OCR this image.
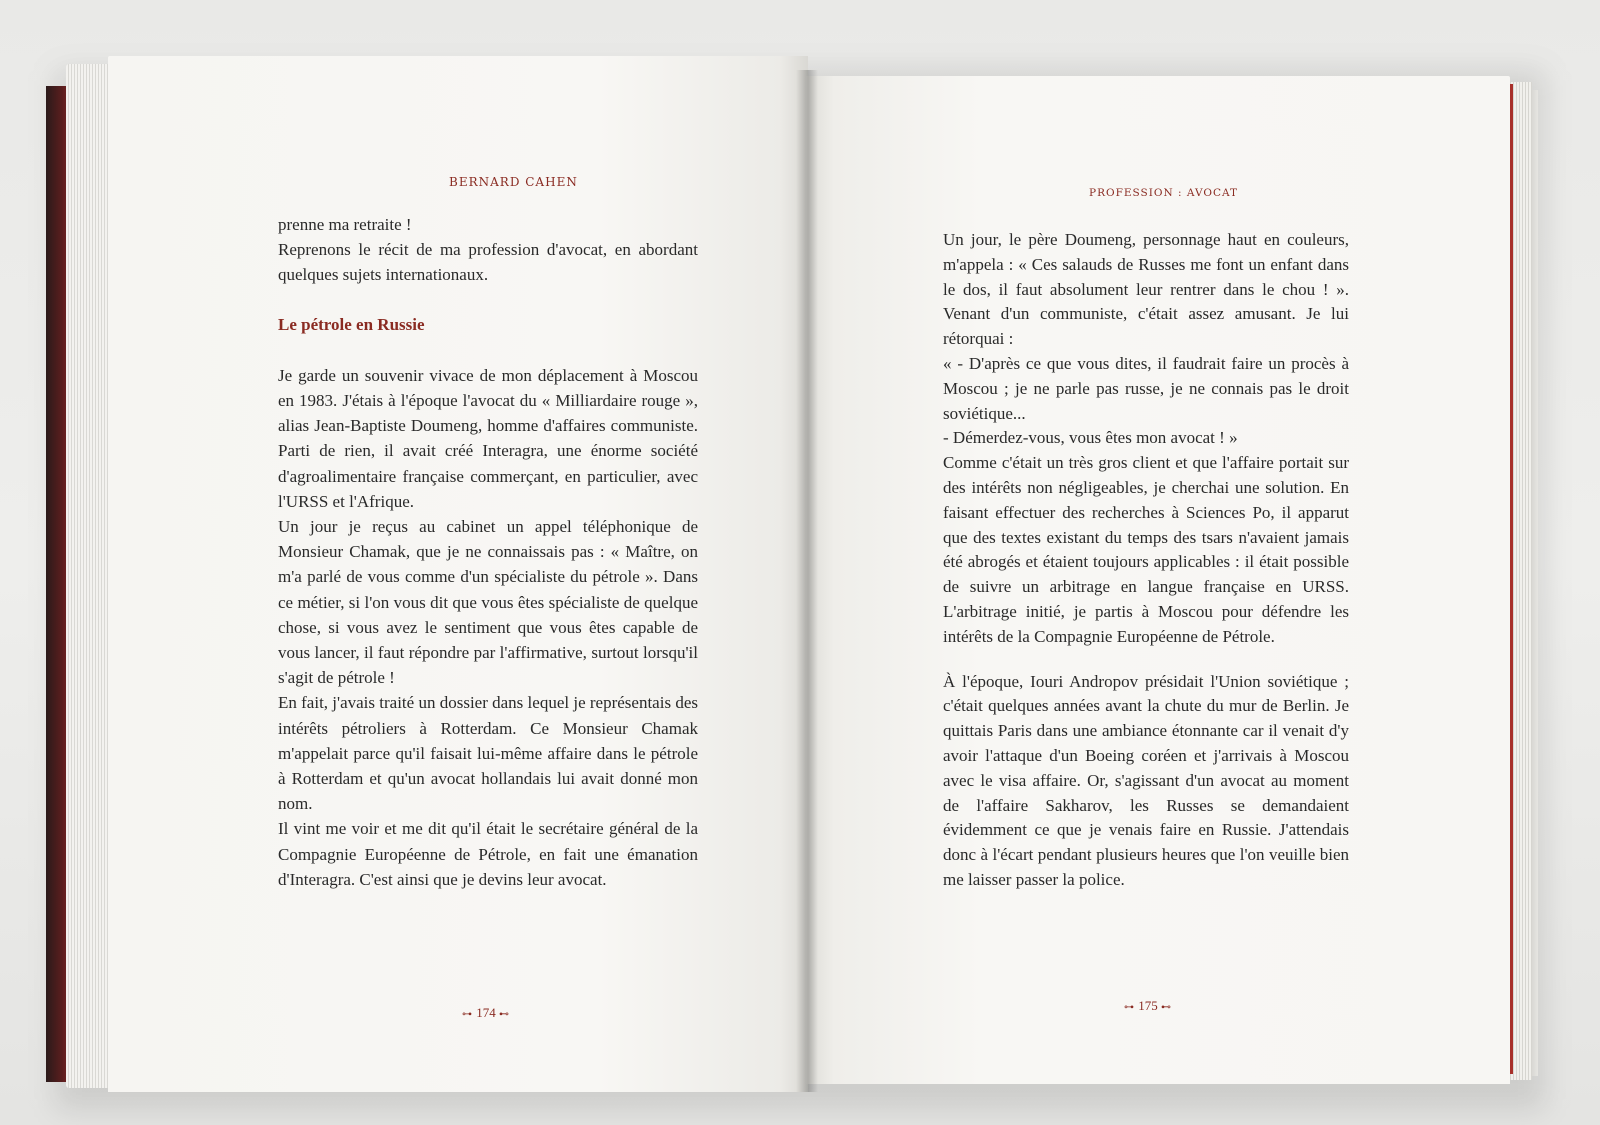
BERNARD CAHEN

prenne ma retraite !

Reprenons le récit de ma profession d'avocat, en abordant quelques sujets internationaux.

Le pétrole en Russie

Je garde un souvenir vivace de mon déplacement à Moscou en 1983. J'étais à l'époque l'avocat du « Milliardaire rouge », alias Jean-Baptiste Doumeng, homme d'affaires communiste. Parti de rien, il avait créé Interagra, une énorme société d'agroalimentaire française commerçant, en particulier, avec l'URSS et l'Afrique.

Un jour je reçus au cabinet un appel téléphonique de Monsieur Chamak, que je ne connaissais pas : « Maître, on m'a parlé de vous comme d'un spécialiste du pétrole ». Dans ce métier, si l'on vous dit que vous êtes spécialiste de quelque chose, si vous avez le sentiment que vous êtes capable de vous lancer, il faut répondre par l'affirmative, surtout lorsqu'il s'agit de pétrole !

En fait, j'avais traité un dossier dans lequel je représentais des intérêts pétroliers à Rotterdam. Ce Monsieur Chamak m'appelait parce qu'il faisait lui-même affaire dans le pétrole à Rotterdam et qu'un avocat hollandais lui avait donné mon nom.

Il vint me voir et me dit qu'il était le secrétaire général de la Compagnie Européenne de Pétrole, en fait une émanation d'Interagra. C'est ainsi que je devins leur avocat.

⊶ 174 ⊷
PROFESSION : AVOCAT

Un jour, le père Doumeng, personnage haut en couleurs, m'appela : « Ces salauds de Russes me font un enfant dans le dos, il faut absolument leur rentrer dans le chou ! ». Venant d'un communiste, c'était assez amusant. Je lui rétorquai :

« - D'après ce que vous dites, il faudrait faire un procès à Moscou ; je ne parle pas russe, je ne connais pas le droit soviétique...

- Démerdez-vous, vous êtes mon avocat ! »

Comme c'était un très gros client et que l'affaire portait sur des intérêts non négligeables, je cherchai une solution. En faisant effectuer des recherches à Sciences Po, il apparut que des textes existant du temps des tsars n'avaient jamais été abrogés et étaient toujours applicables : il était possible de suivre un arbitrage en langue française en URSS. L'arbitrage initié, je partis à Moscou pour défendre les intérêts de la Compagnie Européenne de Pétrole.

À l'époque, Iouri Andropov présidait l'Union soviétique ; c'était quelques années avant la chute du mur de Berlin. Je quittais Paris dans une ambiance étonnante car il venait d'y avoir l'attaque d'un Boeing coréen et j'arrivais à Moscou avec le visa affaire. Or, s'agissant d'un avocat au moment de l'affaire Sakharov, les Russes se demandaient évidemment ce que je venais faire en Russie. J'attendais donc à l'écart pendant plusieurs heures que l'on veuille bien me laisser passer la police.

⊶ 175 ⊷
